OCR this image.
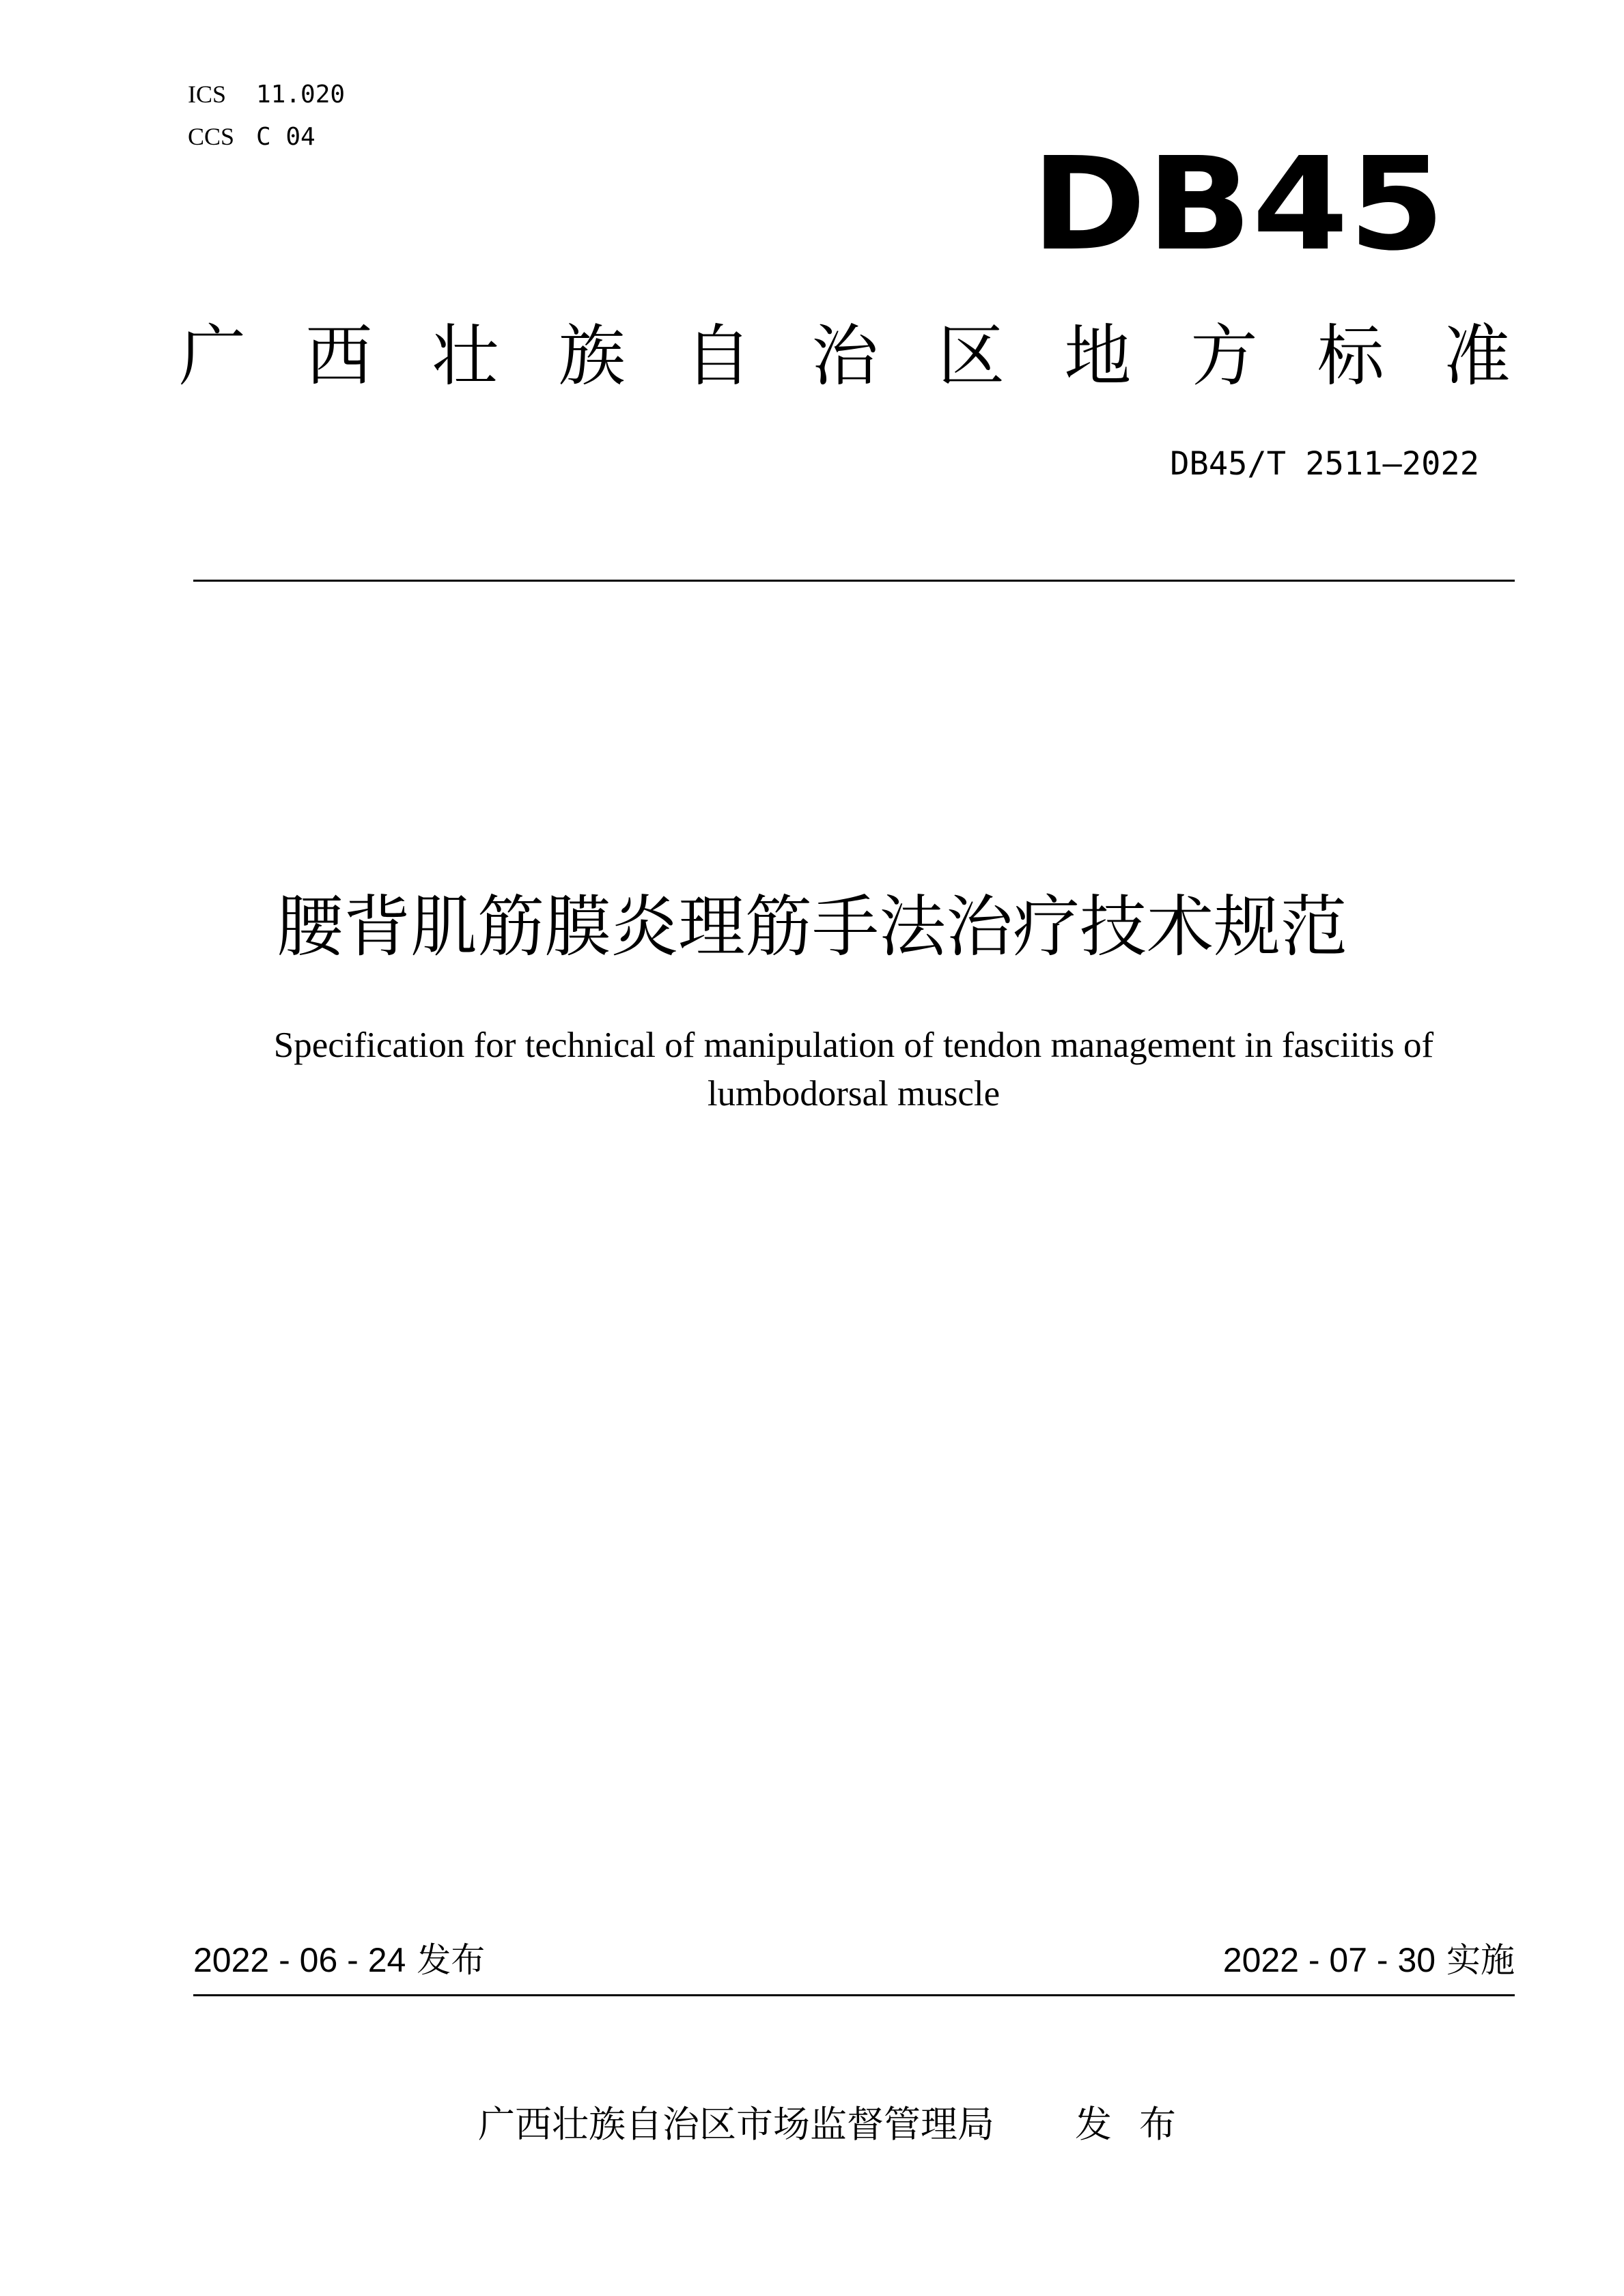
ICS 11.020
CCS C 04	DB45
广 西 壮 族 自 治 区 地 方 标 准
DB45/T 2511—2022
腰背肌筋膜炎理筋手法治疗技术规范
Specification for technical of manipulation of tendon management in fasciitis of
lumbodorsal muscle
2022 - 06 - 24 发布	2022 - 07 - 30 实施
广西壮族自治区市场监督管理局 发布
